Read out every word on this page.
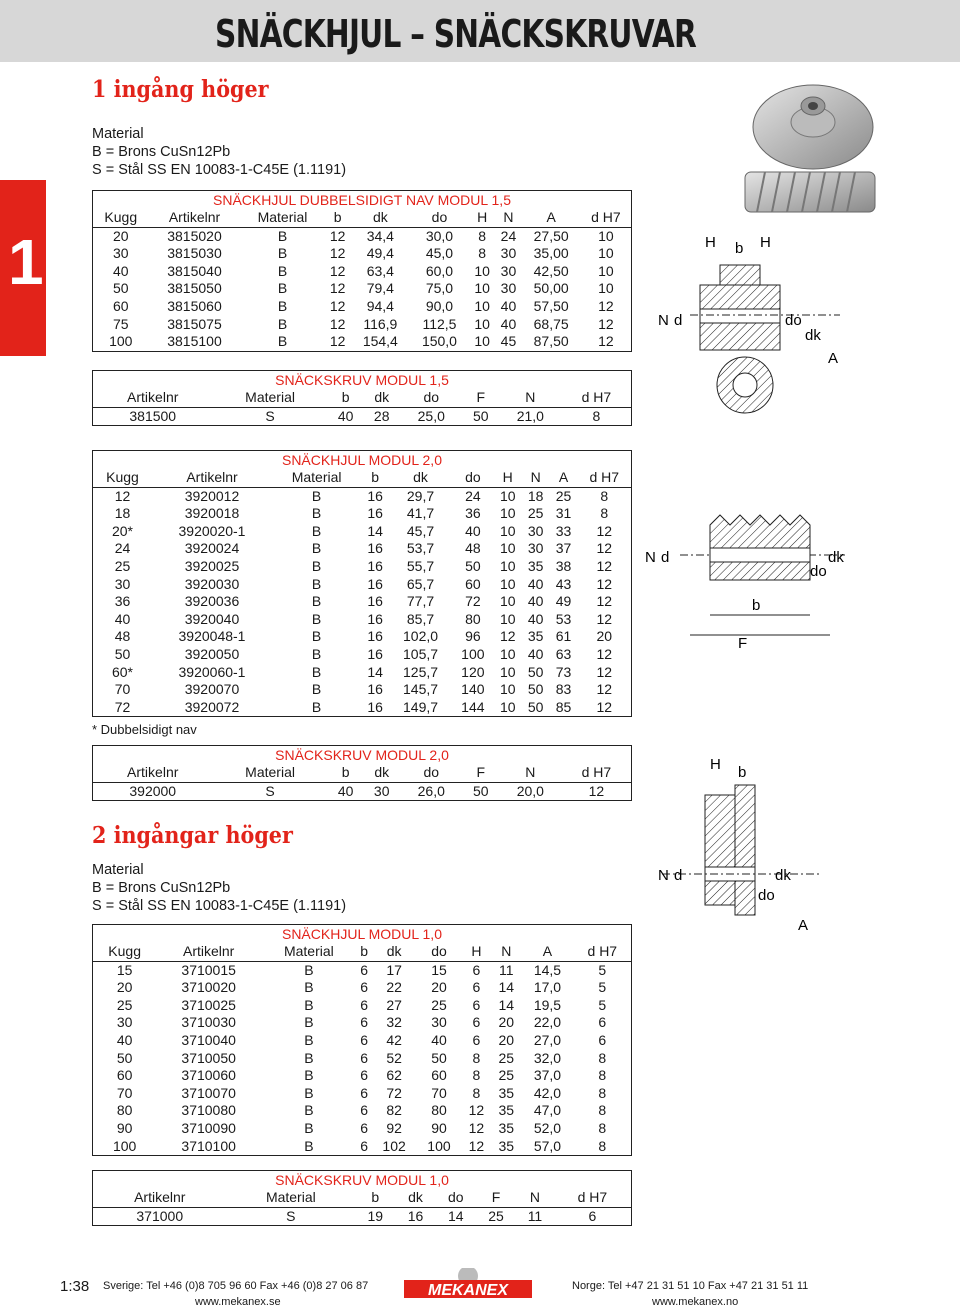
SNÄCKHJUL – SNÄCKSKRUVAR
1
1 ingång höger
Material
B = Brons CuSn12Pb
S = Stål SS EN 10083-1-C45E (1.1191)
SNÄCKHJUL DUBBELSIDIGT NAV MODUL 1,5									
Kugg	Artikelnr	Material	b	dk	do	H	N	A	d H7
20	3815020	B	12	34,4	30,0	8	24	27,50	10
30	3815030	B	12	49,4	45,0	8	30	35,00	10
40	3815040	B	12	63,4	60,0	10	30	42,50	10
50	3815050	B	12	79,4	75,0	10	30	50,00	10
60	3815060	B	12	94,4	90,0	10	40	57,50	12
75	3815075	B	12	116,9	112,5	10	40	68,75	12
100	3815100	B	12	154,4	150,0	10	45	87,50	12
SNÄCKSKRUV MODUL 1,5							
Artikelnr	Material	b	dk	do	F	N	d H7
381500	S	40	28	25,0	50	21,0	8
SNÄCKHJUL MODUL 2,0									
Kugg	Artikelnr	Material	b	dk	do	H	N	A	d H7
12	3920012	B	16	29,7	24	10	18	25	8
18	3920018	B	16	41,7	36	10	25	31	8
20*	3920020-1	B	14	45,7	40	10	30	33	12
24	3920024	B	16	53,7	48	10	30	37	12
25	3920025	B	16	55,7	50	10	35	38	12
30	3920030	B	16	65,7	60	10	40	43	12
36	3920036	B	16	77,7	72	10	40	49	12
40	3920040	B	16	85,7	80	10	40	53	12
48	3920048-1	B	16	102,0	96	12	35	61	20
50	3920050	B	16	105,7	100	10	40	63	12
60*	3920060-1	B	14	125,7	120	10	50	73	12
70	3920070	B	16	145,7	140	10	50	83	12
72	3920072	B	16	149,7	144	10	50	85	12
* Dubbelsidigt nav
SNÄCKSKRUV MODUL 2,0							
Artikelnr	Material	b	dk	do	F	N	d H7
392000	S	40	30	26,0	50	20,0	12
2 ingångar höger
Material
B = Brons CuSn12Pb
S = Stål SS EN 10083-1-C45E (1.1191)
SNÄCKHJUL MODUL 1,0									
Kugg	Artikelnr	Material	b	dk	do	H	N	A	d H7
15	3710015	B	6	17	15	6	11	14,5	5
20	3710020	B	6	22	20	6	14	17,0	5
25	3710025	B	6	27	25	6	14	19,5	5
30	3710030	B	6	32	30	6	20	22,0	6
40	3710040	B	6	42	40	6	20	27,0	6
50	3710050	B	6	52	50	8	25	32,0	8
60	3710060	B	6	62	60	8	25	37,0	8
70	3710070	B	6	72	70	8	35	42,0	8
80	3710080	B	6	82	80	12	35	47,0	8
90	3710090	B	6	92	90	12	35	52,0	8
100	3710100	B	6	102	100	12	35	57,0	8
SNÄCKSKRUV MODUL 1,0							
Artikelnr	Material	b	dk	do	F	N	d H7
371000	S	19	16	14	25	11	6
H b H
N d	do
dk
A
N d
do
dk
b
F
H b
N d
do
dk
A
1:38 Sverige: Tel +46 (0)8 705 96 60 Fax +46 (0)8 27 06 87
www.mekanex.se
MEKANEX	Norge: Tel +47 21 31 51 10 Fax +47 21 31 51 11
www.mekanex.no
